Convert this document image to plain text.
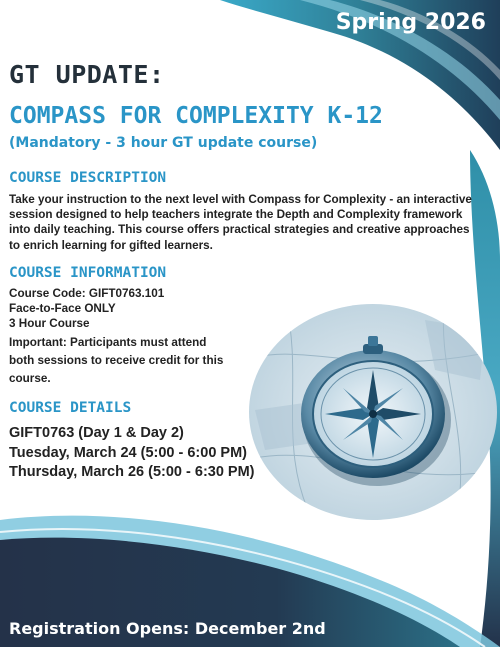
Spring 2026
GT UPDATE:
COMPASS FOR COMPLEXITY K-12
(Mandatory - 3 hour GT update course)
COURSE DESCRIPTION
Take your instruction to the next level with Compass for Complexity - an interactive
session designed to help teachers integrate the Depth and Complexity framework
into daily teaching. This course offers practical strategies and creative approaches
to enrich learning for gifted learners.
COURSE INFORMATION
Course Code: GIFT0763.101
Face-to-Face ONLY
3 Hour Course
Important: Participants must attend
both sessions to receive credit for this
course.
COURSE DETAILS
GIFT0763 (Day 1 & Day 2)
Tuesday, March 24 (5:00 - 6:00 PM)
Thursday, March 26 (5:00 - 6:30 PM)
Registration Opens: December 2nd
